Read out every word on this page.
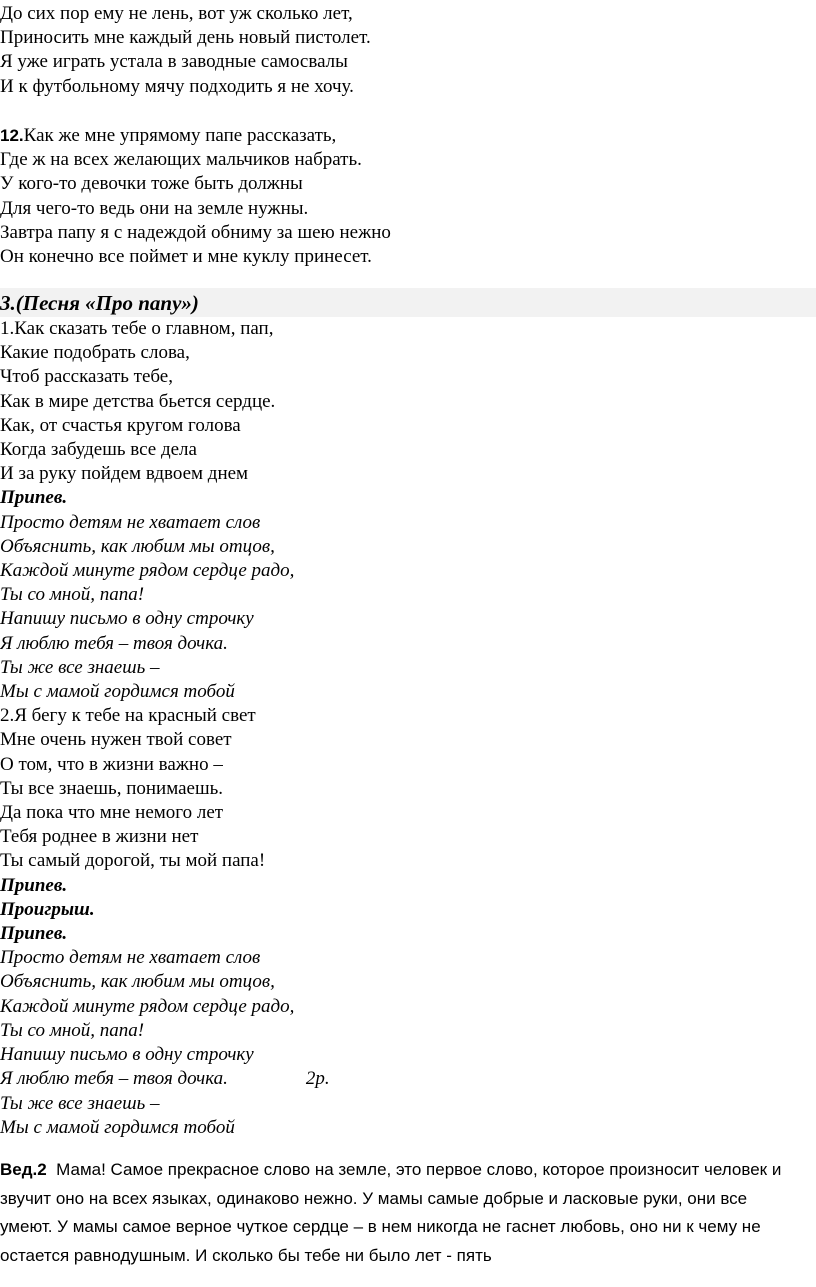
До сих пор ему не лень, вот уж сколько лет,

Приносить мне каждый день новый пистолет.

Я уже играть устала в заводные самосвалы

И к футбольному мячу подходить я не хочу.

12.Как же мне упрямому папе рассказать,

Где ж на всех желающих мальчиков набрать.

У кого-то девочки тоже быть должны

Для чего-то ведь они на земле нужны.

Завтра папу я с надеждой обниму за шею нежно

Он конечно все поймет и мне куклу принесет.

3.(Песня «Про папу»)

1.Как сказать тебе о главном, пап,

Какие подобрать слова,

Чтоб рассказать тебе,

Как в мире детства бьется сердце.

Как, от счастья кругом голова

Когда забудешь все дела

И за руку пойдем вдвоем днем

Припев.

Просто детям не хватает слов

Объяснить, как любим мы отцов,

Каждой минуте рядом сердце радо,

Ты со мной, папа!

Напишу письмо в одну строчку

Я люблю тебя – твоя дочка.

Ты же все знаешь –

Мы с мамой гордимся тобой

2.Я бегу к тебе на красный свет

Мне очень нужен твой совет

О том, что в жизни важно –

Ты все знаешь, понимаешь.

Да пока что мне немого лет

Тебя роднее в жизни нет

Ты самый дорогой, ты мой папа!

Припев.

Проигрыш.

Припев.

Просто детям не хватает слов

Объяснить, как любим мы отцов,

Каждой минуте рядом сердце радо,

Ты со мной, папа!

Напишу письмо в одну строчку

Я люблю тебя – твоя дочка.	2р.

Ты же все знаешь –

Мы с мамой гордимся тобой

Вед.2  Мама! Самое прекрасное слово на земле, это первое слово, которое произносит человек и

звучит оно на всех языках, одинаково нежно. У мамы самые добрые и ласковые руки, они все

умеют. У мамы самое верное чуткое сердце – в нем никогда не гаснет любовь, оно ни к чему не

остается равнодушным. И сколько бы тебе ни было лет - пять
